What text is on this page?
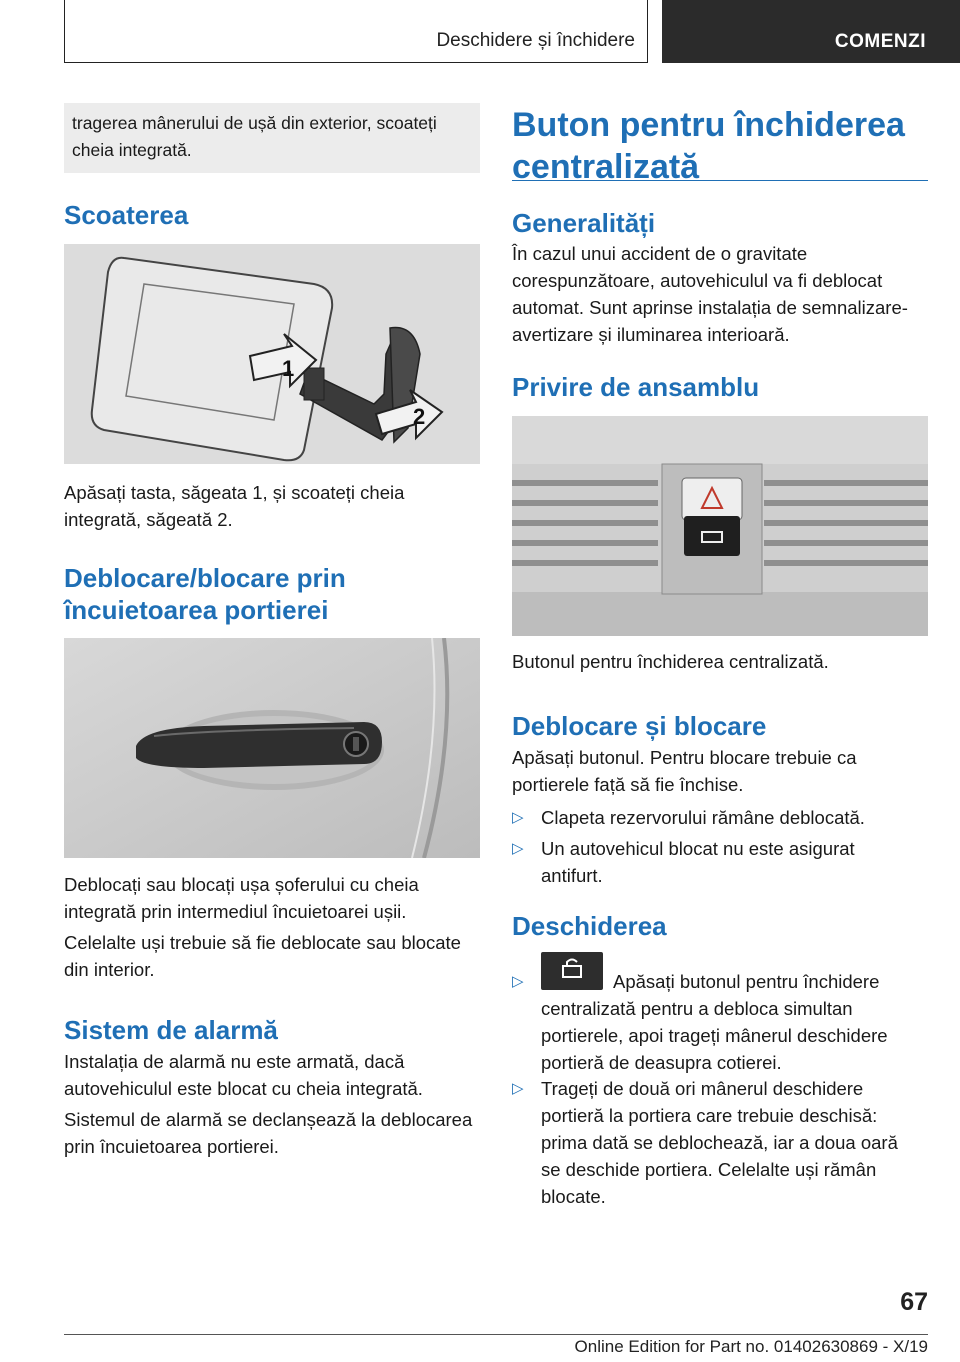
Deschidere și închidere	COMENZI

tragerea mânerului de ușă din exterior, scoateți cheia integrată.

Scoaterea
1
2

Apăsați tasta, săgeata 1, și scoateți cheia integrată, săgeată 2.

Deblocare/blocare prin
încuietoarea portierei

Deblocați sau blocați ușa șoferului cu cheia integrată prin intermediul încuietoarei ușii.

Celelalte uși trebuie să fie deblocate sau blocate din interior.

Sistem de alarmă

Instalația de alarmă nu este armată, dacă autovehiculul este blocat cu cheia integrată.

Sistemul de alarmă se declanșează la deblocarea prin încuietoarea portierei.

Buton pentru închiderea
centralizată
Generalități

În cazul unui accident de o gravitate corespunzătoare, autovehiculul va fi deblocat automat. Sunt aprinse instalația de semnalizare-avertizare și iluminarea interioară.

Privire de ansamblu

Butonul pentru închiderea centralizată.

Deblocare și blocare

Apăsați butonul. Pentru blocare trebuie ca portierele față să fie închise.

▷ Clapeta rezervorului rămâne deblocată.

▷ Un autovehicul blocat nu este asigurat antifurt.

Deschiderea
▷	Apăsați butonul pentru închidere centralizată pentru a debloca simultan portierele, apoi trageți mânerul deschidere portieră de deasupra cotierei.

▷ Trageți de două ori mânerul deschidere portieră la portiera care trebuie deschisă: prima dată se deblochează, iar a doua oară se deschide portiera. Celelalte uși rămân blocate.

67
Online Edition for Part no. 01402630869 - X/19
